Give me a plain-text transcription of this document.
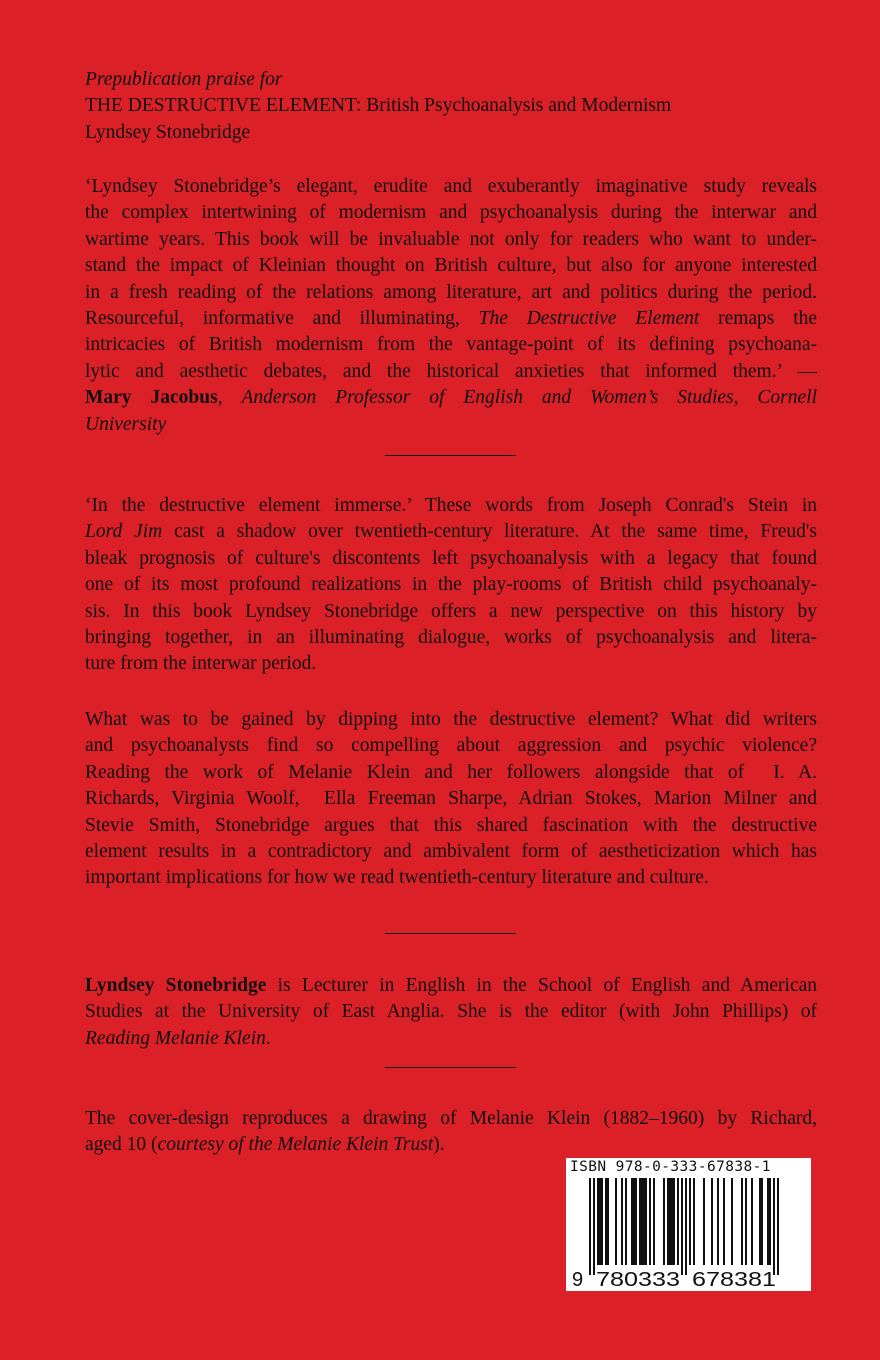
Prepublication praise for
THE DESTRUCTIVE ELEMENT: British Psychoanalysis and Modernism
Lyndsey Stonebridge
‘Lyndsey Stonebridge’s elegant, erudite and exuberantly imaginative study reveals
the complex intertwining of modernism and psychoanalysis during the interwar and
wartime years. This book will be invaluable not only for readers who want to under-
stand the impact of Kleinian thought on British culture, but also for anyone interested
in a fresh reading of the relations among literature, art and politics during the period.
Resourceful, informative and illuminating, The Destructive Element remaps the
intricacies of British modernism from the vantage-point of its defining psychoana-
lytic and aesthetic debates, and the historical anxieties that informed them.’ —
Mary Jacobus, Anderson Professor of English and Women’s Studies, Cornell
University
‘In the destructive element immerse.’ These words from Joseph Conrad's Stein in
Lord Jim cast a shadow over twentieth-century literature. At the same time, Freud's
bleak prognosis of culture's discontents left psychoanalysis with a legacy that found
one of its most profound realizations in the play-rooms of British child psychoanaly-
sis. In this book Lyndsey Stonebridge offers a new perspective on this history by
bringing together, in an illuminating dialogue, works of psychoanalysis and litera-
ture from the interwar period.
What was to be gained by dipping into the destructive element? What did writers
and psychoanalysts find so compelling about aggression and psychic violence?
Reading the work of Melanie Klein and her followers alongside that of  I. A.
Richards, Virginia Woolf,  Ella Freeman Sharpe, Adrian Stokes, Marion Milner and
Stevie Smith, Stonebridge argues that this shared fascination with the destructive
element results in a contradictory and ambivalent form of aestheticization which has
important implications for how we read twentieth-century literature and culture.
Lyndsey Stonebridge is Lecturer in English in the School of English and American
Studies at the University of East Anglia. She is the editor (with John Phillips) of
Reading Melanie Klein.
The cover-design reproduces a drawing of Melanie Klein (1882–1960) by Richard,
aged 10 (courtesy of the Melanie Klein Trust).
ISBN 978-0-333-67838-1
9 780333 678381
